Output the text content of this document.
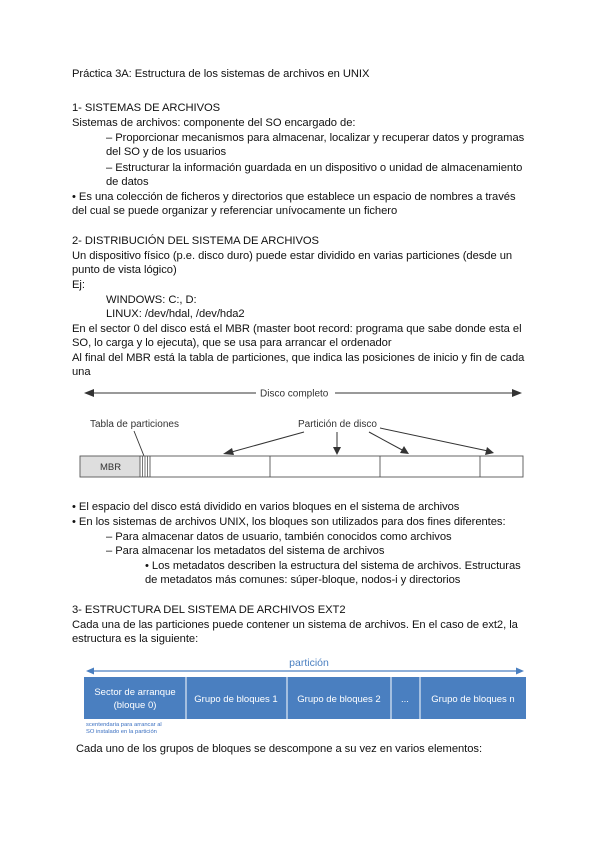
Práctica 3A: Estructura de los sistemas de archivos en UNIX
1- SISTEMAS DE ARCHIVOS
Sistemas de archivos: componente del SO encargado de:
– Proporcionar mecanismos para almacenar, localizar y recuperar datos y programas
del SO y de los usuarios
– Estructurar la información guardada en un dispositivo o unidad de almacenamiento
de datos
• Es una colección de ficheros y directorios que establece un espacio de nombres a través
del cual se puede organizar y referenciar unívocamente un fichero
2- DISTRIBUCIÓN DEL SISTEMA DE ARCHIVOS
Un dispositivo físico (p.e. disco duro) puede estar dividido en varias particiones (desde un
punto de vista lógico)
Ej:
WINDOWS: C:, D:
LINUX: /dev/hdal, /dev/hda2
En el sector 0 del disco está el MBR (master boot record: programa que sabe donde esta el
SO, lo carga y lo ejecuta), que se usa para arrancar el ordenador
Al final del MBR está la tabla de particiones, que indica las posiciones de inicio y fin de cada
una
Disco completo
Tabla de particiones	Partición de disco
MBR
• El espacio del disco está dividido en varios bloques en el sistema de archivos
• En los sistemas de archivos UNIX, los bloques son utilizados para dos fines diferentes:
– Para almacenar datos de usuario, también conocidos como archivos
– Para almacenar los metadatos del sistema de archivos
• Los metadatos describen la estructura del sistema de archivos. Estructuras
de metadatos más comunes: súper-bloque, nodos-i y directorios
3- ESTRUCTURA DEL SISTEMA DE ARCHIVOS EXT2
Cada una de las particiones puede contener un sistema de archivos. En el caso de ext2, la
estructura es la siguiente:
partición
Sector de arranque
(bloque 0)
Grupo de bloques 1 Grupo de bloques 2 ... Grupo de bloques n
scentendaria para arrancar al
SO instalado en la partición
Cada uno de los grupos de bloques se descompone a su vez en varios elementos:
